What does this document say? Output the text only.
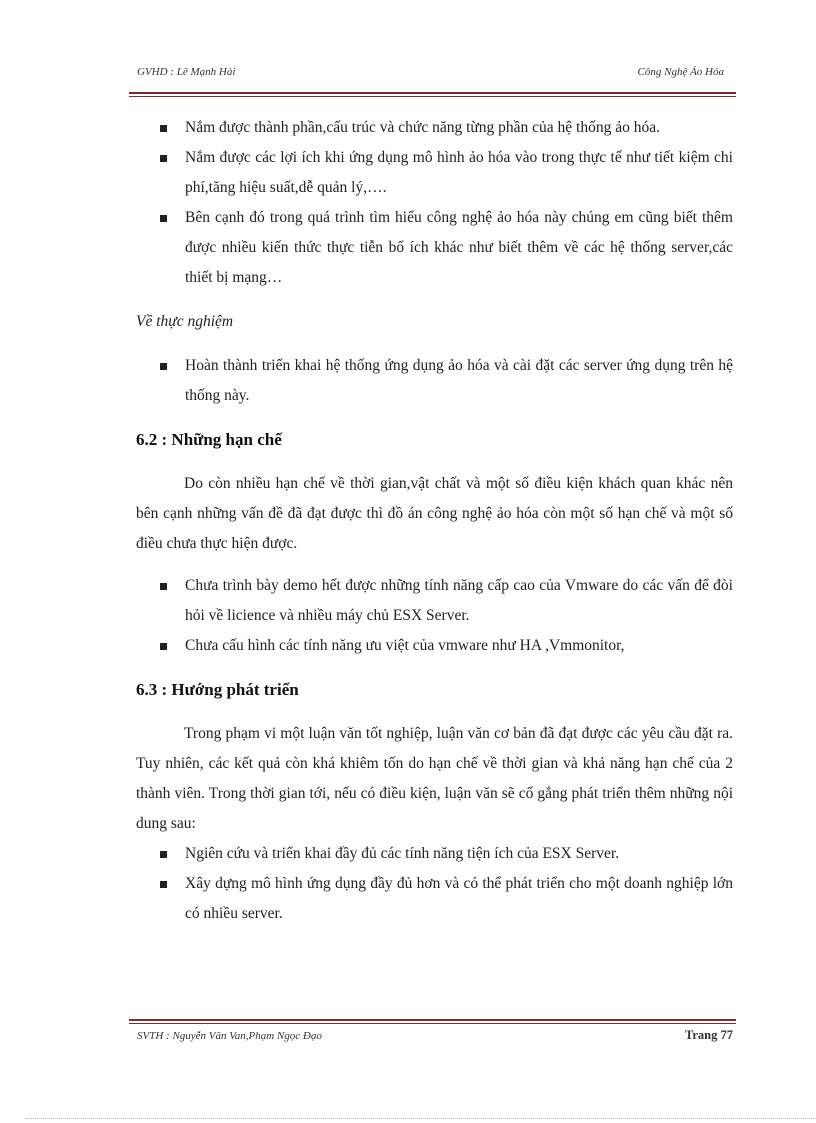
GVHD : Lê Mạnh Hải	Công Nghệ Ảo Hóa
Nắm được thành phần,cấu trúc và chức năng từng phần của hệ thống ảo hóa.
Nắm được các lợi ích khi ứng dụng mô hình ảo hóa vào trong thực tế như tiết kiệm chi phí,tăng hiệu suất,dễ quản lý,….
Bên cạnh đó trong quá trình tìm hiểu công nghệ ảo hóa này chúng em cũng biết thêm được nhiều kiến thức thực tiễn bổ ích khác như biết thêm về các hệ thống server,các thiết bị mạng…
Về thực nghiệm
Hoàn thành triển khai hệ thống ứng dụng ảo hóa và cài đặt các server ứng dụng trên hệ thống này.
6.2 : Những hạn chế

Do còn nhiều hạn chế về thời gian,vật chất và một số điều kiện khách quan khác nên bên cạnh những vấn đề đã đạt được thì đồ án công nghệ ảo hóa còn một số hạn chế và một số điều chưa thực hiện được.

Chưa trình bày demo hết được những tính năng cấp cao của Vmware do các vấn để đòi hỏi về licience và nhiều máy chủ ESX Server.
Chưa cấu hình các tính năng ưu việt của vmware như HA ,Vmmonitor,
6.3 : Hướng phát triển

Trong phạm vi một luận văn tốt nghiệp, luận văn cơ bản đã đạt được các yêu cầu đặt ra. Tuy nhiên, các kết quả còn khá khiêm tốn do hạn chế về thời gian và khả năng hạn chế của 2 thành viên. Trong thời gian tới, nếu có điều kiện, luận văn sẽ cố gắng phát triển thêm những nội dung sau:

Ngiên cứu và triển khai đầy đủ các tính năng tiện ích của ESX Server.
Xây dựng mô hình ứng dụng đầy đủ hơn và có thể phát triển cho một doanh nghiệp lớn có nhiều server.
SVTH : Nguyễn Văn Van,Phạm Ngọc Đạo	Trang 77
